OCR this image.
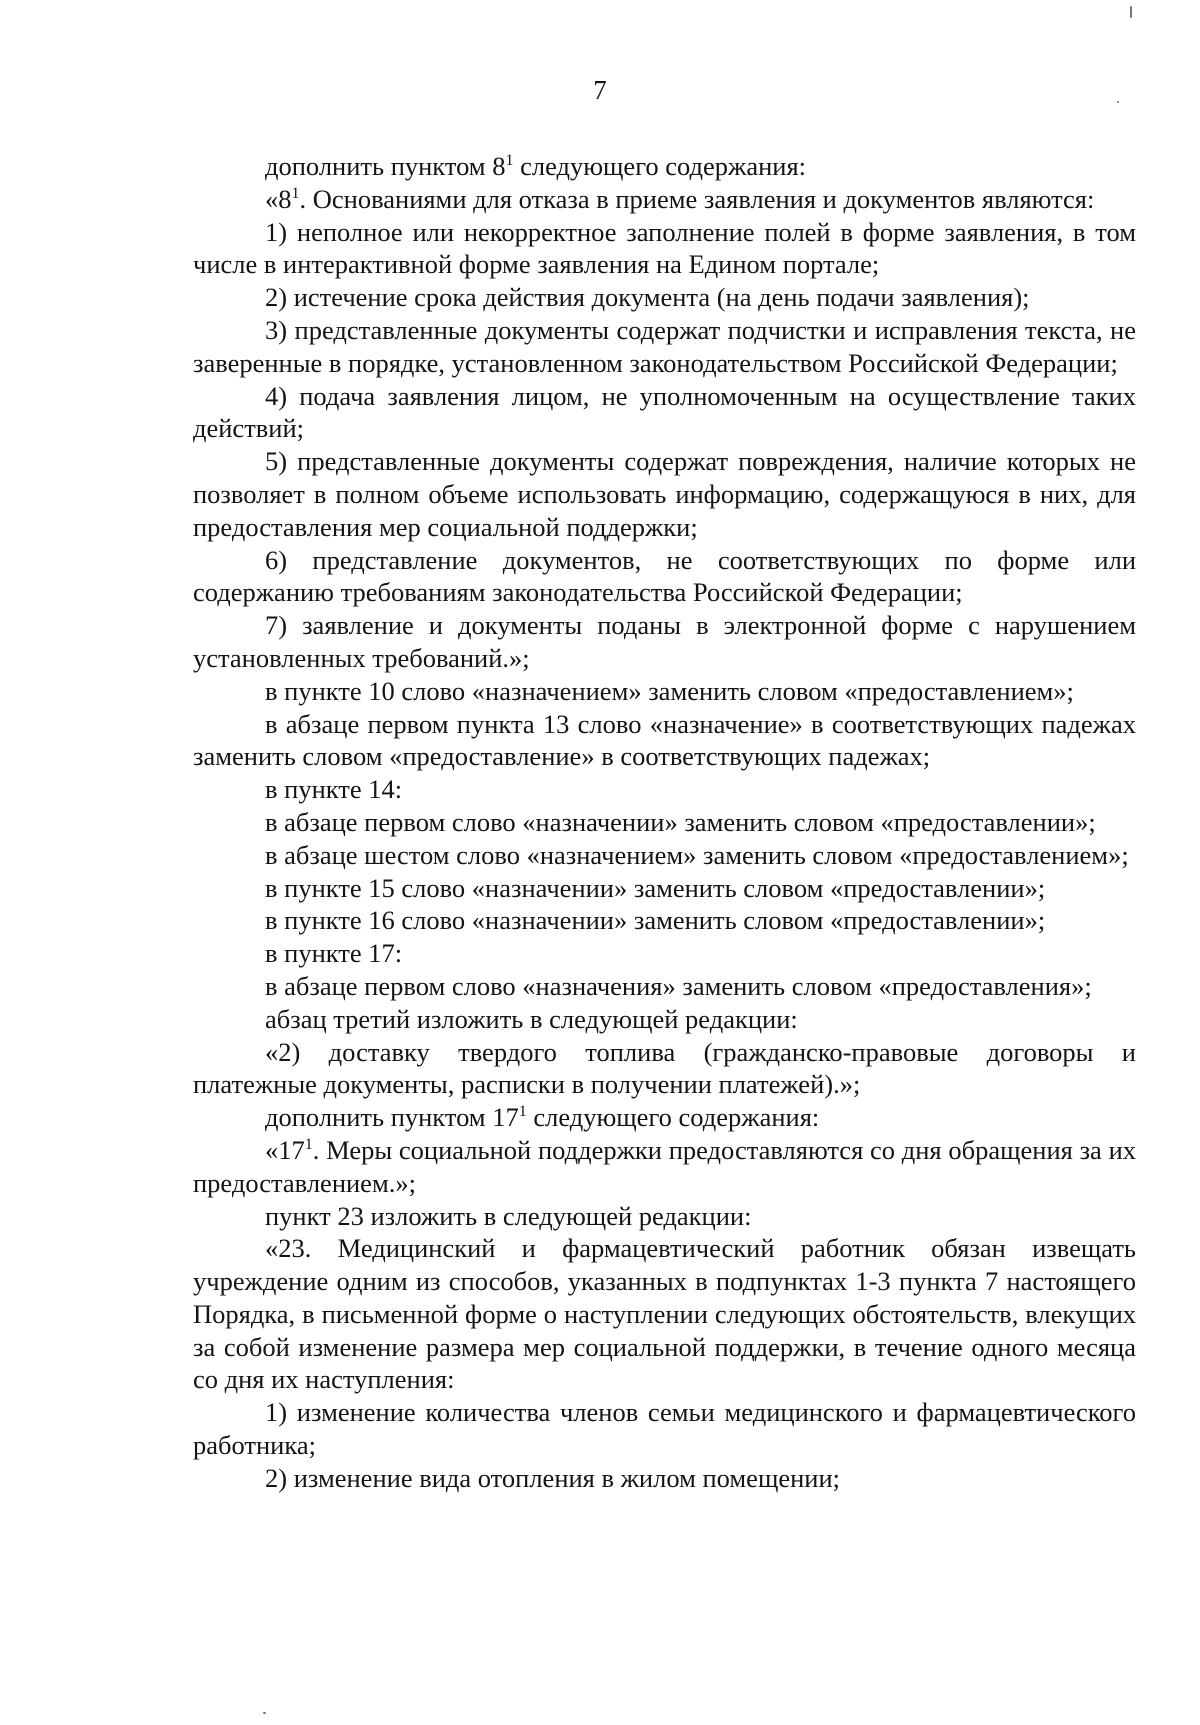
7

дополнить пунктом $8^1$ следующего содержания:

«$8^1$. Основаниями для отказа в приеме заявления и документов являются:

1) неполное или некорректное заполнение полей в форме заявления, в том числе в интерактивной форме заявления на Едином портале;

2) истечение срока действия документа (на день подачи заявления);

3) представленные документы содержат подчистки и исправления текста, не заверенные в порядке, установленном законодательством Российской Федерации;

4) подача заявления лицом, не уполномоченным на осуществление таких действий;

5) представленные документы содержат повреждения, наличие которых не позволяет в полном объеме использовать информацию, содержащуюся в них, для предоставления мер социальной поддержки;

6) представление документов, не соответствующих по форме или содержанию требованиям законодательства Российской Федерации;

7) заявление и документы поданы в электронной форме с нарушением установленных требований.»;

в пункте 10 слово «назначением» заменить словом «предоставлением»;

в абзаце первом пункта 13 слово «назначение» в соответствующих падежах заменить словом «предоставление» в соответствующих падежах;

в пункте 14:

в абзаце первом слово «назначении» заменить словом «предоставлении»;

в абзаце шестом слово «назначением» заменить словом «предоставлением»;

в пункте 15 слово «назначении» заменить словом «предоставлении»;

в пункте 16 слово «назначении» заменить словом «предоставлении»;

в пункте 17:

в абзаце первом слово «назначения» заменить словом «предоставления»;

абзац третий изложить в следующей редакции:

«2) доставку твердого топлива (гражданско-правовые договоры и платежные документы, расписки в получении платежей).»;

дополнить пунктом $17^1$ следующего содержания:

«$17^1$. Меры социальной поддержки предоставляются со дня обращения за их предоставлением.»;

пункт 23 изложить в следующей редакции:

«23. Медицинский и фармацевтический работник обязан извещать учреждение одним из способов, указанных в подпунктах 1-3 пункта 7 настоящего Порядка, в письменной форме о наступлении следующих обстоятельств, влекущих за собой изменение размера мер социальной поддержки, в течение одного месяца со дня их наступления:

1) изменение количества членов семьи медицинского и фармацевтического работника;

2) изменение вида отопления в жилом помещении;
